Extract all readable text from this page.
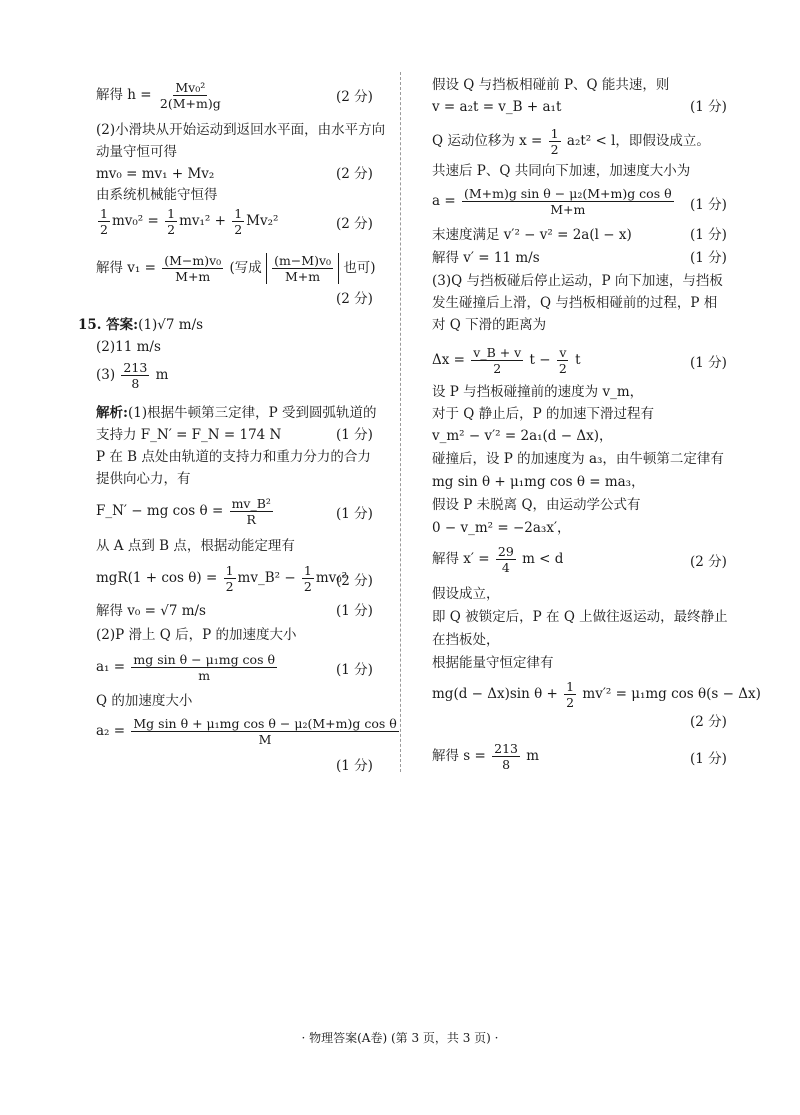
解得 $h = \frac{\text{Mv₀²}}{2(M+m)g}$	(2 分)
(2)小滑块从开始运动到返回水平面，由水平方向
动量守恒可得
mv₀ = mv₁ + Mv₂	(2 分)
由系统机械能守恒得
$\frac{1}{2} mv_0^2 = \frac{1}{2} mv_1^2 + \frac{1}{2} Mv_2^2$	(2 分)
解得 $v_1 = \frac{\text{(M−m)v₀}}{M+m}$ (写成 $\frac{\text{(m−M)v₀}}{M+m}$ 也可)
(2 分)
15. 答案:(1)√7 m/s
(2)11 m/s
$(3) \frac{213}{8}$ m
解析:(1)根据牛顿第三定律，P 受到圆弧轨道的
支持力 F_N′ = F_N = 174 N	(1 分)
P 在 B 点处由轨道的支持力和重力分力的合力
提供向心力，有
F_N′ − mg $\cos \theta = \frac{\text{mv\_B²}}{R}$	(1 分)
从 A 点到 B 点，根据动能定理有
$mgR(1 + \cos \theta) = \frac{1}{2}$ mv_B² − $\frac{1}{2} mv_0^2$
(2 分)
解得 v₀ = √7 m/s	(1 分)
(2)P 滑上 Q 后，P 的加速度大小
$a_1 = \frac{\text{mg sin θ − μ₁mg cos θ}}{m}$	(1 分)
Q 的加速度大小
$a_2 = \frac{\text{Mg sin θ + μ₁mg cos θ − μ₂(M+m)g cos θ}}{M}$
(1 分)
假设 Q 与挡板相碰前 P、Q 能共速，则
v = a₂t = v_B + a₁t	(1 分)
Q 运动位移为 $x = \frac{1}{2} a_2t^2 < l$，即假设成立。
共速后 P、Q 共同向下加速，加速度大小为
$a = \frac{\text{(M+m)g sin θ − μ₂(M+m)g cos θ}}{M+m} (1$ 分)
末速度满足 v′² − v² = 2a(l − x)	(1 分)
解得 v′ = 11 m/s	(1 分)
(3)Q 与挡板碰后停止运动，P 向下加速，与挡板
发生碰撞后上滑，Q 与挡板相碰前的过程，P 相
对 Q 下滑的距离为
$\Delta x = \frac{v\_B + v}{2}$ $t - \frac{v}{2}$ t	(1 分)
设 P 与挡板碰撞前的速度为 v_m，
对于 Q 静止后，P 的加速下滑过程有
v_m² − v′² = 2a₁(d − Δx)，
碰撞后，设 P 的加速度为 a₃，由牛顿第二定律有
mg sin θ + μ₁mg cos θ = ma₃，
假设 P 未脱离 Q，由运动学公式有
0 − v_m² = −2a₃x′，
解得 $x' = \frac{29}{4}$ m < d	(2 分)
假设成立，
即 Q 被锁定后，P 在 Q 上做往返运动，最终静止
在挡板处，
根据能量守恒定律有
mg(d − Δx)sin $\theta + \frac{1}{2} mv'^2 = \mu_1mg$ cos θ(s − Δx)
(2 分)
解得 $s = \frac{213}{8}$ m	(1 分)
· 物理答案(A卷) (第 3 页，共 3 页) ·
